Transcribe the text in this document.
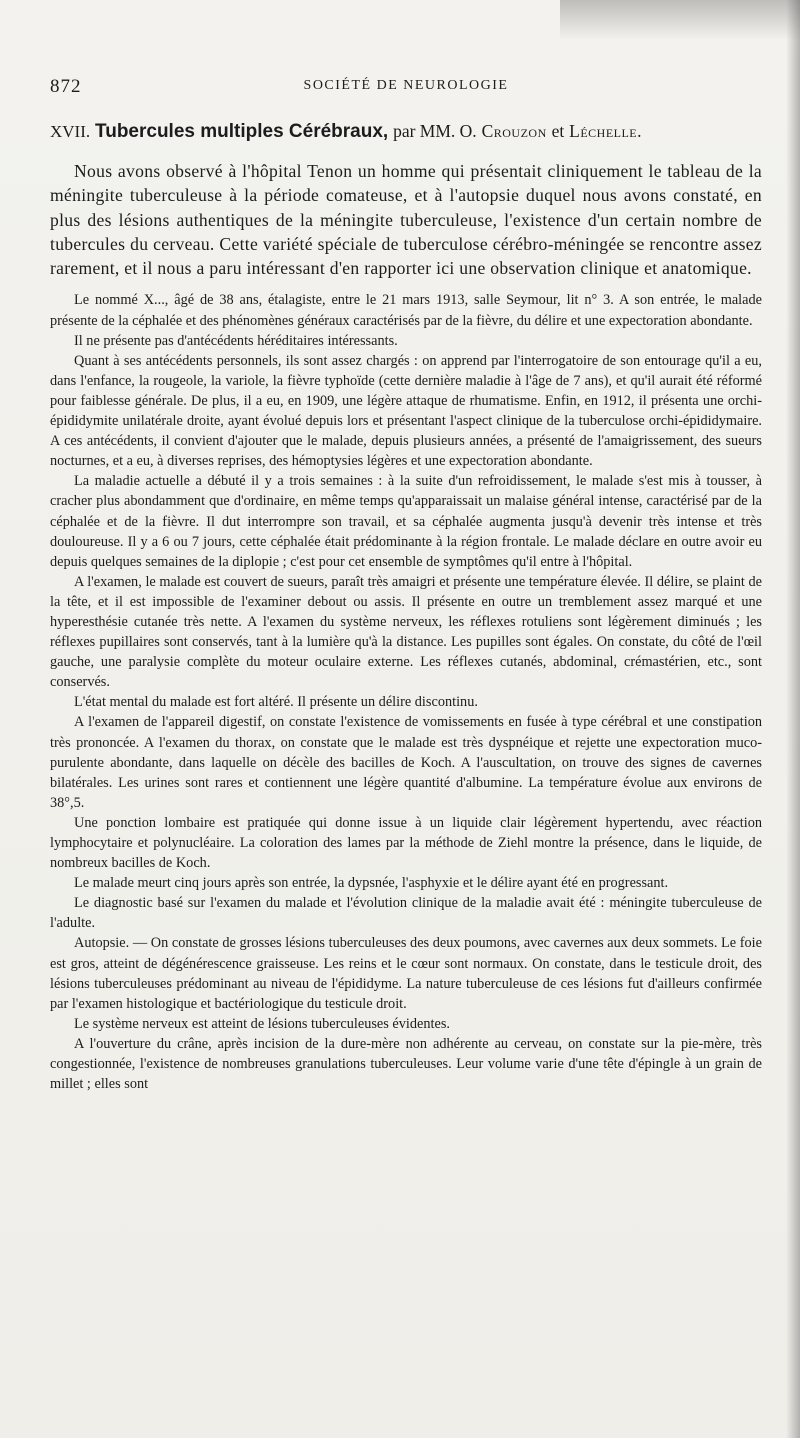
872	SOCIÉTÉ DE NEUROLOGIE
XVII. Tubercules multiples Cérébraux, par MM. O. Crouzon et Léchelle.

Nous avons observé à l'hôpital Tenon un homme qui présentait cliniquement le tableau de la méningite tuberculeuse à la période comateuse, et à l'autopsie duquel nous avons constaté, en plus des lésions authentiques de la méningite tuberculeuse, l'existence d'un certain nombre de tubercules du cerveau. Cette variété spéciale de tuberculose cérébro-méningée se rencontre assez rarement, et il nous a paru intéressant d'en rapporter ici une observation clinique et anatomique.

Le nommé X..., âgé de 38 ans, étalagiste, entre le 21 mars 1913, salle Seymour, lit n° 3. A son entrée, le malade présente de la céphalée et des phénomènes généraux caractérisés par de la fièvre, du délire et une expectoration abondante.

Il ne présente pas d'antécédents héréditaires intéressants.

Quant à ses antécédents personnels, ils sont assez chargés : on apprend par l'interrogatoire de son entourage qu'il a eu, dans l'enfance, la rougeole, la variole, la fièvre typhoïde (cette dernière maladie à l'âge de 7 ans), et qu'il aurait été réformé pour faiblesse générale. De plus, il a eu, en 1909, une légère attaque de rhumatisme. Enfin, en 1912, il présenta une orchi-épididymite unilatérale droite, ayant évolué depuis lors et présentant l'aspect clinique de la tuberculose orchi-épididymaire. A ces antécédents, il convient d'ajouter que le malade, depuis plusieurs années, a présenté de l'amaigrissement, des sueurs nocturnes, et a eu, à diverses reprises, des hémoptysies légères et une expectoration abondante.

La maladie actuelle a débuté il y a trois semaines : à la suite d'un refroidissement, le malade s'est mis à tousser, à cracher plus abondamment que d'ordinaire, en même temps qu'apparaissait un malaise général intense, caractérisé par de la céphalée et de la fièvre. Il dut interrompre son travail, et sa céphalée augmenta jusqu'à devenir très intense et très douloureuse. Il y a 6 ou 7 jours, cette céphalée était prédominante à la région frontale. Le malade déclare en outre avoir eu depuis quelques semaines de la diplopie ; c'est pour cet ensemble de symptômes qu'il entre à l'hôpital.

A l'examen, le malade est couvert de sueurs, paraît très amaigri et présente une température élevée. Il délire, se plaint de la tête, et il est impossible de l'examiner debout ou assis. Il présente en outre un tremblement assez marqué et une hyperesthésie cutanée très nette. A l'examen du système nerveux, les réflexes rotuliens sont légèrement diminués ; les réflexes pupillaires sont conservés, tant à la lumière qu'à la distance. Les pupilles sont égales. On constate, du côté de l'œil gauche, une paralysie complète du moteur oculaire externe. Les réflexes cutanés, abdominal, crémastérien, etc., sont conservés.

L'état mental du malade est fort altéré. Il présente un délire discontinu.

A l'examen de l'appareil digestif, on constate l'existence de vomissements en fusée à type cérébral et une constipation très prononcée. A l'examen du thorax, on constate que le malade est très dyspnéique et rejette une expectoration muco-purulente abondante, dans laquelle on décèle des bacilles de Koch. A l'auscultation, on trouve des signes de cavernes bilatérales. Les urines sont rares et contiennent une légère quantité d'albumine. La température évolue aux environs de 38°,5.

Une ponction lombaire est pratiquée qui donne issue à un liquide clair légèrement hypertendu, avec réaction lymphocytaire et polynucléaire. La coloration des lames par la méthode de Ziehl montre la présence, dans le liquide, de nombreux bacilles de Koch.

Le malade meurt cinq jours après son entrée, la dypsnée, l'asphyxie et le délire ayant été en progressant.

Le diagnostic basé sur l'examen du malade et l'évolution clinique de la maladie avait été : méningite tuberculeuse de l'adulte.

Autopsie. — On constate de grosses lésions tuberculeuses des deux poumons, avec cavernes aux deux sommets. Le foie est gros, atteint de dégénérescence graisseuse. Les reins et le cœur sont normaux. On constate, dans le testicule droit, des lésions tuberculeuses prédominant au niveau de l'épididyme. La nature tuberculeuse de ces lésions fut d'ailleurs confirmée par l'examen histologique et bactériologique du testicule droit.

Le système nerveux est atteint de lésions tuberculeuses évidentes.

A l'ouverture du crâne, après incision de la dure-mère non adhérente au cerveau, on constate sur la pie-mère, très congestionnée, l'existence de nombreuses granulations tuberculeuses. Leur volume varie d'une tête d'épingle à un grain de millet ; elles sont
